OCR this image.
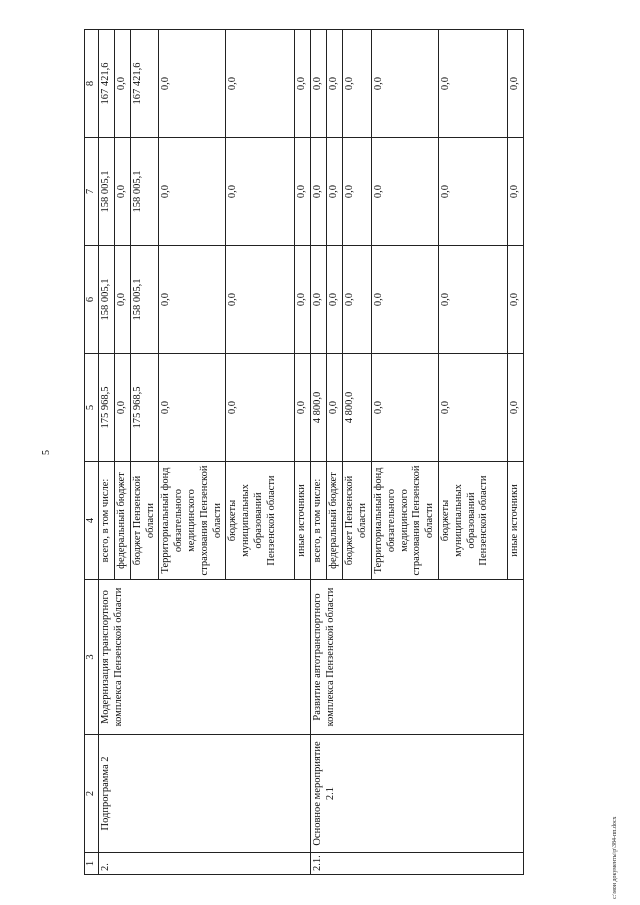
5
1	2	3	4	5	6	7	8
2.	Подпрограмма 2	Модернизация транспортного комплекса Пензенской области	всего, в том числе:	175 968,5	158 005,1	158 005,1	167 421,6
			федеральный бюджет	0,0	0,0	0,0	0,0
			бюджет Пензенской области	175 968,5	158 005,1	158 005,1	167 421,6
			Территориальный фонд обязательного медицинского страхования Пензенской области	0,0	0,0	0,0	0,0
			бюджеты муниципальных образований Пензенской области	0,0	0,0	0,0	0,0
			иные источники	0,0	0,0	0,0	0,0
2.1.	Основное мероприятие 2.1	Развитие автотранспортного комплекса Пензенской области	всего, в том числе:	4 800,0	0,0	0,0	0,0
			федеральный бюджет	0,0	0,0	0,0	0,0
			бюджет Пензенской области	4 800,0	0,0	0,0	0,0
			Территориальный фонд обязательного медицинского страхования Пензенской области	0,0	0,0	0,0	0,0
			бюджеты муниципальных образований Пензенской области	0,0	0,0	0,0	0,0
			иные источники	0,0	0,0	0,0	0,0
c:\мои документы\р\384-пп.docx
